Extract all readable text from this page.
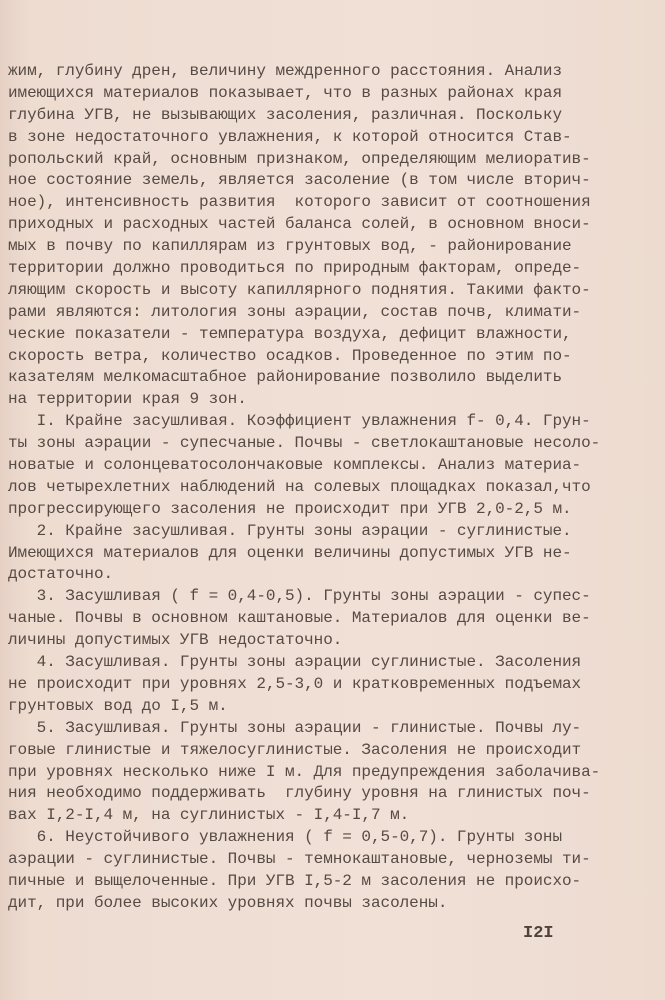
жим, глубину дрен, величину междренного расстояния. Анализ
имеющихся материалов показывает, что в разных районах края
глубина УГВ, не вызывающих засоления, различная. Поскольку
в зоне недостаточного увлажнения, к которой относится Став-
ропольский край, основным признаком, определяющим мелиоратив-
ное состояние земель, является засоление (в том числе вторич-
ное), интенсивность развития  которого зависит от соотношения
приходных и расходных частей баланса солей, в основном вноси-
мых в почву по капиллярам из грунтовых вод, - районирование
территории должно проводиться по природным факторам, опреде-
ляющим скорость и высоту капиллярного поднятия. Такими факто-
рами являются: литология зоны аэрации, состав почв, климати-
ческие показатели - температура воздуха, дефицит влажности,
скорость ветра, количество осадков. Проведенное по этим по-
казателям мелкомасштабное районирование позволило выделить
на территории края 9 зон.
I. Крайне засушливая. Коэффициент увлажнения f- 0,4. Грун-
ты зоны аэрации - супесчаные. Почвы - светлокаштановые несоло-
новатые и солонцеватосолончаковые комплексы. Анализ материа-
лов четырехлетних наблюдений на солевых площадках показал,что
прогрессирующего засоления не происходит при УГВ 2,0-2,5 м.
2. Крайне засушливая. Грунты зоны аэрации - суглинистые.
Имеющихся материалов для оценки величины допустимых УГВ не-
достаточно.
3. Засушливая ( f = 0,4-0,5). Грунты зоны аэрации - супес-
чаные. Почвы в основном каштановые. Материалов для оценки ве-
личины допустимых УГВ недостаточно.
4. Засушливая. Грунты зоны аэрации суглинистые. Засоления
не происходит при уровнях 2,5-3,0 и кратковременных подъемах
грунтовых вод до I,5 м.
5. Засушливая. Грунты зоны аэрации - глинистые. Почвы лу-
говые глинистые и тяжелосуглинистые. Засоления не происходит
при уровнях несколько ниже I м. Для предупреждения заболачива-
ния необходимо поддерживать  глубину уровня на глинистых поч-
вах I,2-I,4 м, на суглинистых - I,4-I,7 м.
6. Неустойчивого увлажнения ( f = 0,5-0,7). Грунты зоны
аэрации - суглинистые. Почвы - темнокаштановые, черноземы ти-
пичные и выщелоченные. При УГВ I,5-2 м засоления не происхо-
дит, при более высоких уровнях почвы засолены.
I2I
